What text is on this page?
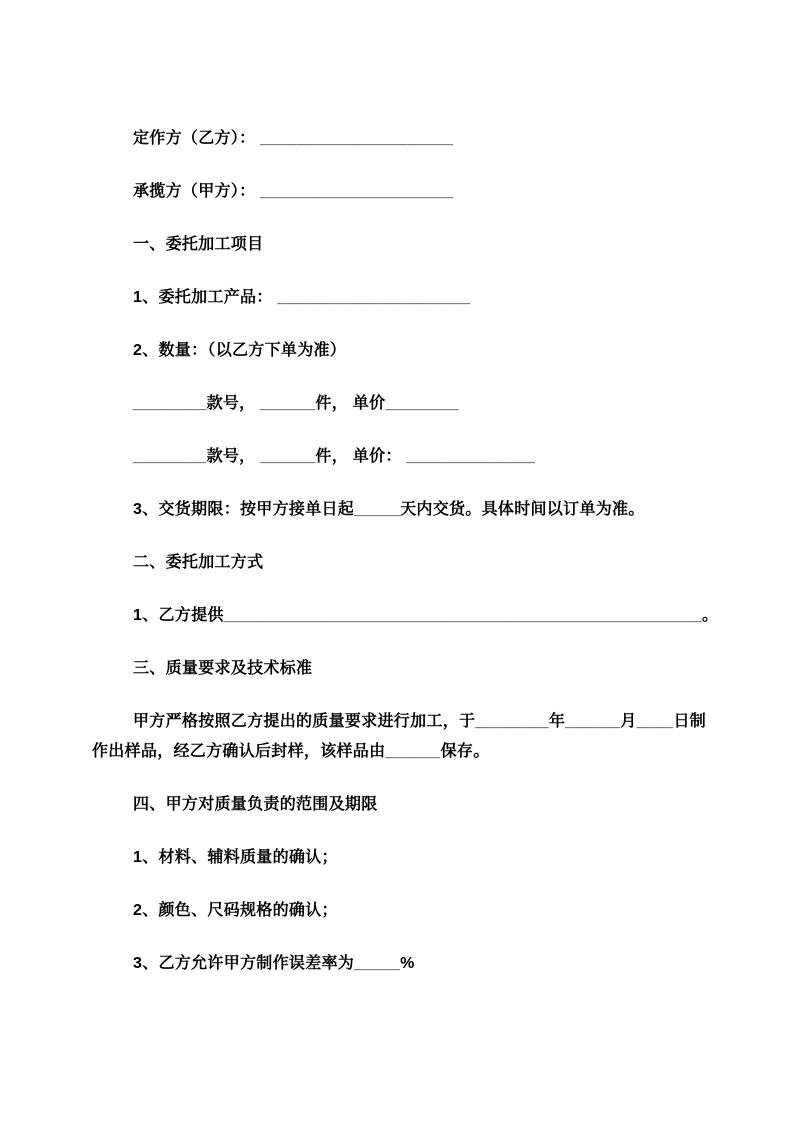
定作方（乙方）： _____________________

承揽方（甲方）： _____________________

一、委托加工项目

1、委托加工产品： _____________________

2、数量：（以乙方下单为准）

________款号， ______件， 单价________

________款号， ______件， 单价： ______________

3、交货期限：按甲方接单日起_____天内交货。具体时间以订单为准。

二、委托加工方式

1、乙方提供____________________________________________________。

三、质量要求及技术标准

甲方严格按照乙方提出的质量要求进行加工，于________年______月____日制

作出样品，经乙方确认后封样，该样品由______保存。

四、甲方对质量负责的范围及期限

1、材料、辅料质量的确认；

2、颜色、尺码规格的确认；

3、乙方允许甲方制作误差率为_____%
